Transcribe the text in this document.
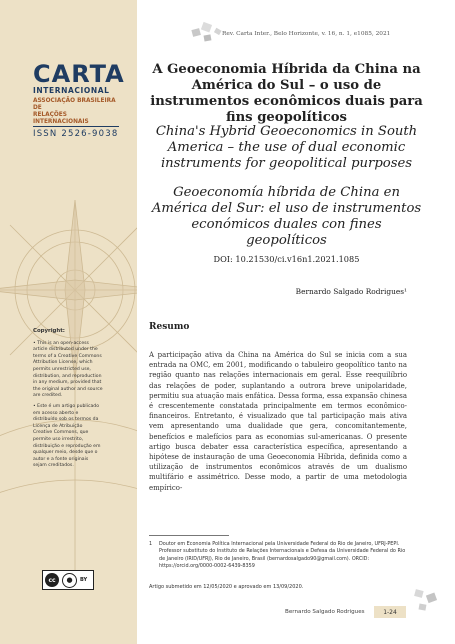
CARTA
INTERNACIONAL
ASSOCIAÇÃO BRASILEIRA DE
RELAÇÕES INTERNACIONAIS
ISSN 2526-9038
Copyright:

• This is an open-access article distributed under the terms of a Creative Commons Attribution License, which permits unrestricted use, distribution, and reproduction in any medium, provided that the original author and source are credited.

• Este é um artigo publicado em acesso aberto e distribuído sob os termos da Licença de Atribuição Creative Commons, que permite uso irrestrito, distribuição e reprodução em qualquer meio, desde que o autor e a fonte originais sejam creditados.

cc	●	BY
Rev. Carta Inter., Belo Horizonte, v. 16, n. 1, e1085, 2021
A Geoeconomia Híbrida da China na América do Sul – o uso de instrumentos econômicos duais para fins geopolíticos
China's Hybrid Geoeconomics in South America – the use of dual economic instruments for geopolitical purposes
Geoeconomía híbrida de China en América del Sur: el uso de instrumentos económicos duales con fines geopolíticos
DOI: 10.21530/ci.v16n1.2021.1085
Bernardo Salgado Rodrigues¹
Resumo

A participação ativa da China na América do Sul se inicia com a sua entrada na OMC, em 2001, modificando o tabuleiro geopolítico tanto na região quanto nas relações internacionais em geral. Esse reequilíbrio das relações de poder, suplantando a outrora breve unipolaridade, permitiu sua atuação mais enfática. Dessa forma, essa expansão chinesa é crescentemente constatada principalmente em termos econômico-financeiros. Entretanto, é visualizado que tal participação mais ativa vem apresentando uma dualidade que gera, concomitantemente, benefícios e malefícios para as economias sul-americanas. O presente artigo busca debater essa característica específica, apresentando a hipótese de instauração de uma Geoeconomia Híbrida, definida como a utilização de instrumentos econômicos através de um dualismo multifário e assimétrico. Desse modo, a partir de uma metodologia empírico-

1 Doutor em Economia Política Internacional pela Universidade Federal do Rio de Janeiro, UFRJ-PEPI. Professor substituto do Instituto de Relações Internacionais e Defesa da Universidade Federal do Rio de Janeiro (IRID/UFRJ), Rio de Janeiro, Brasil (bernardosalgado90@gmail.com). ORCID: https://orcid.org/0000-0002-6439-8359
Artigo submetido em 12/05/2020 e aprovado em 13/09/2020.
Bernardo Salgado Rodrigues	1-24
